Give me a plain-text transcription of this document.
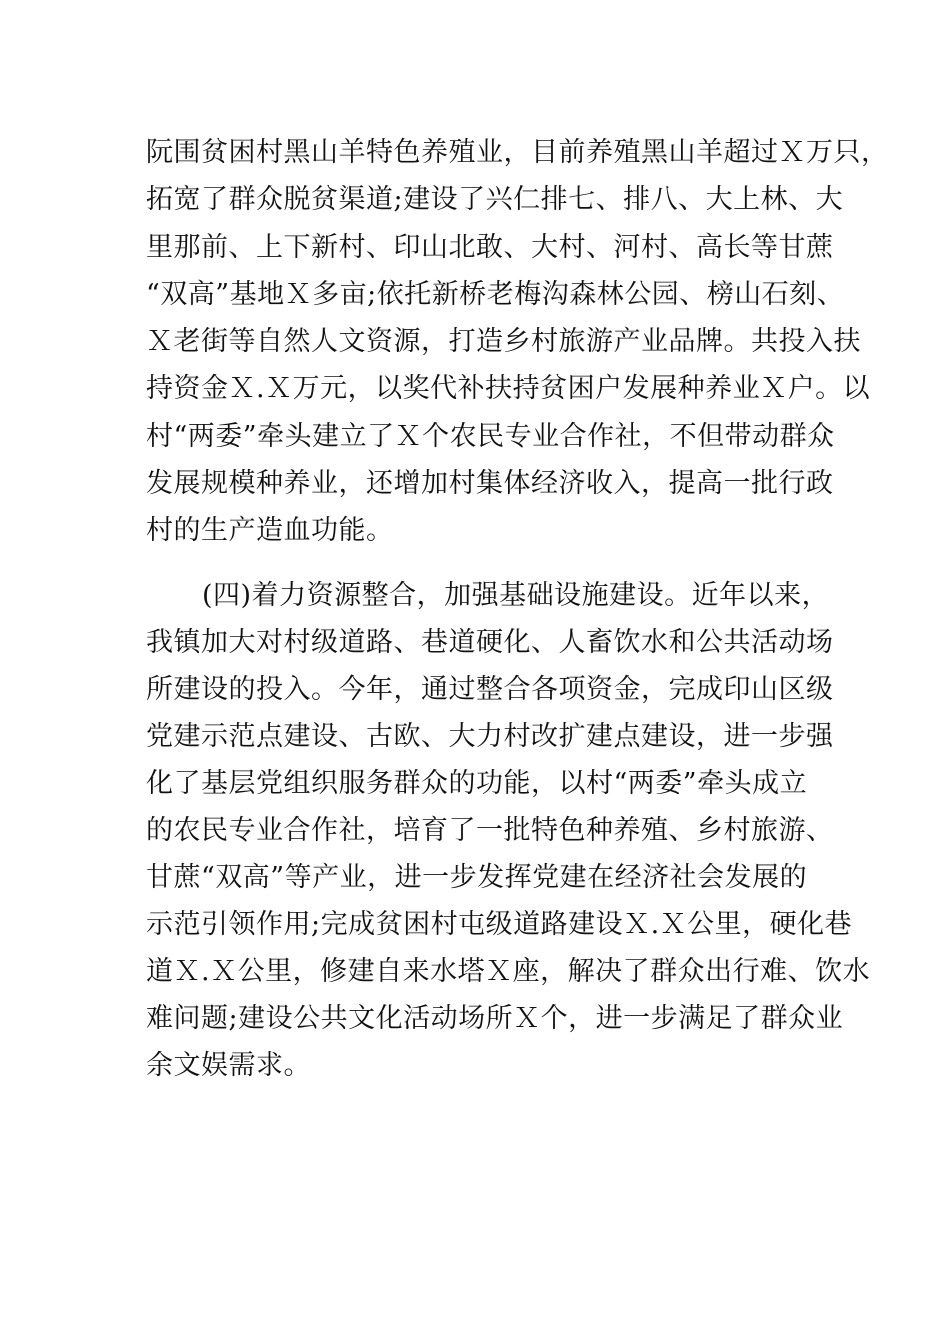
阮围贫困村黑山羊特色养殖业，目前养殖黑山羊超过Ｘ万只，
拓宽了群众脱贫渠道;建设了兴仁排七、排八、大上林、大
里那前、上下新村、印山北敢、大村、河村、高长等甘蔗
“双高”基地Ｘ多亩;依托新桥老梅沟森林公园、榜山石刻、
Ｘ老街等自然人文资源，打造乡村旅游产业品牌。共投入扶
持资金Ｘ.Ｘ万元，以奖代补扶持贫困户发展种养业Ｘ户。以
村“两委”牵头建立了Ｘ个农民专业合作社，不但带动群众
发展规模种养业，还增加村集体经济收入，提高一批行政
村的生产造血功能。
(四)着力资源整合，加强基础设施建设。近年以来，
我镇加大对村级道路、巷道硬化、人畜饮水和公共活动场
所建设的投入。今年，通过整合各项资金，完成印山区级
党建示范点建设、古欧、大力村改扩建点建设，进一步强
化了基层党组织服务群众的功能，以村“两委”牵头成立
的农民专业合作社，培育了一批特色种养殖、乡村旅游、
甘蔗“双高”等产业，进一步发挥党建在经济社会发展的
示范引领作用;完成贫困村屯级道路建设Ｘ.Ｘ公里，硬化巷
道Ｘ.Ｘ公里，修建自来水塔Ｘ座，解决了群众出行难、饮水
难问题;建设公共文化活动场所Ｘ个，进一步满足了群众业
余文娱需求。
